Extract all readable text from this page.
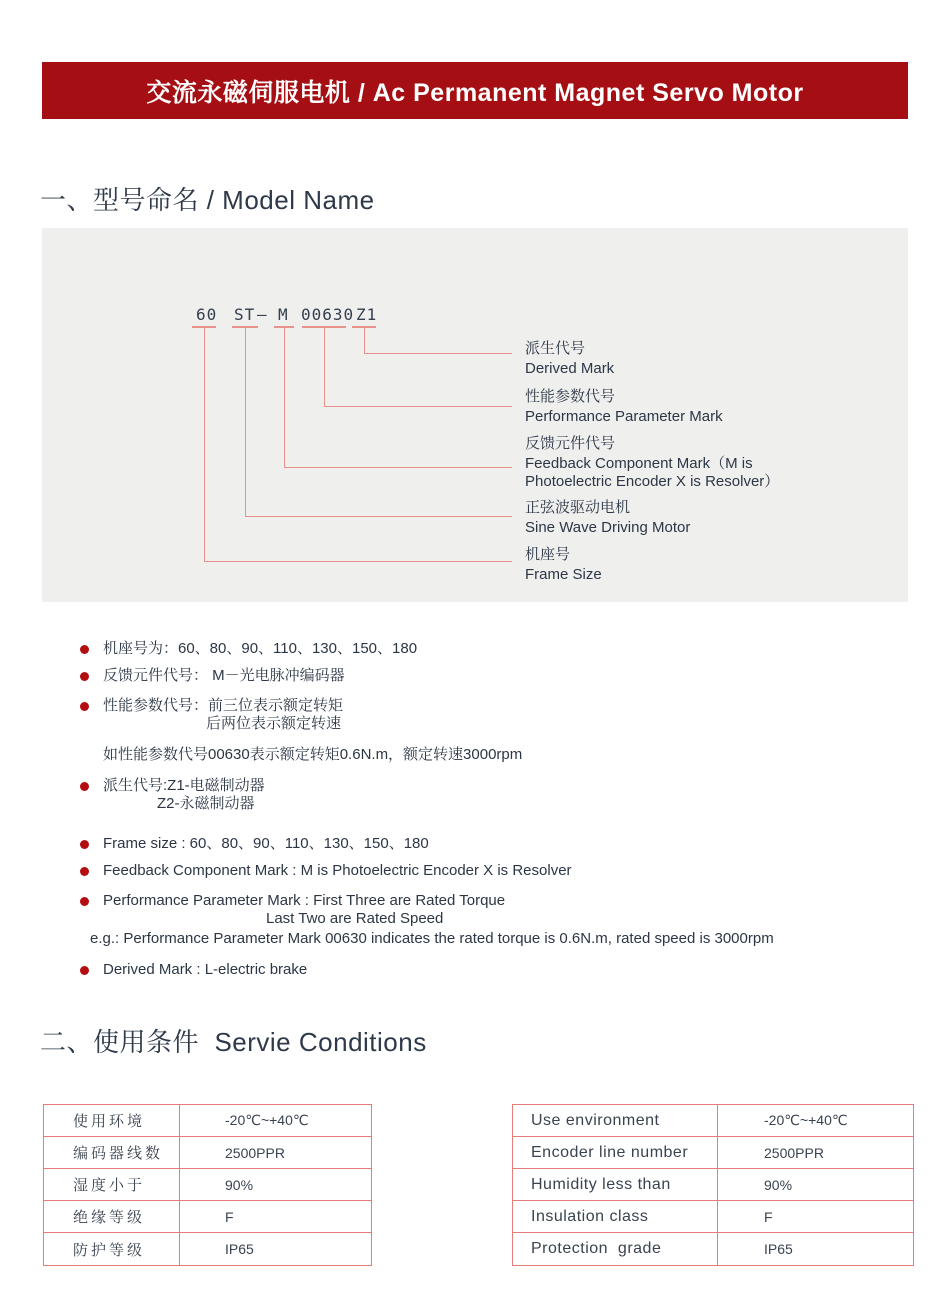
交流永磁伺服电机 / Ac Permanent Magnet Servo Motor
一、型号命名 / Model Name
60 ST – M 00630 Z1
派生代号
Derived Mark
性能参数代号
Performance Parameter Mark
反馈元件代号
Feedback Component Mark（M is Photoelectric Encoder X is Resolver）
正弦波驱动电机
Sine Wave Driving Motor
机座号
Frame Size
机座号为：60、80、90、110、130、150、180
反馈元件代号： M－光电脉冲编码器
性能参数代号：前三位表示额定转矩
后两位表示额定转速
如性能参数代号00630表示额定转矩0.6N.m，额定转速3000rpm
派生代号:Z1-电磁制动器
Z2-永磁制动器
Frame size : 60、80、90、110、130、150、180
Feedback Component Mark : M is Photoelectric Encoder X is Resolver
Performance Parameter Mark : First Three are Rated Torque
Last Two are Rated Speed
e.g.: Performance Parameter Mark 00630 indicates the rated torque is 0.6N.m, rated speed is 3000rpm
Derived Mark : L-electric brake
二、使用条件  Servie Conditions
使用环境	-20℃~+40℃
编码器线数	2500PPR
湿度小于	90%
绝缘等级	F
防护等级	IP65
Use environment	-20℃~+40℃
Encoder line number	2500PPR
Humidity less than	90%
Insulation class	F
Protection  grade	IP65
